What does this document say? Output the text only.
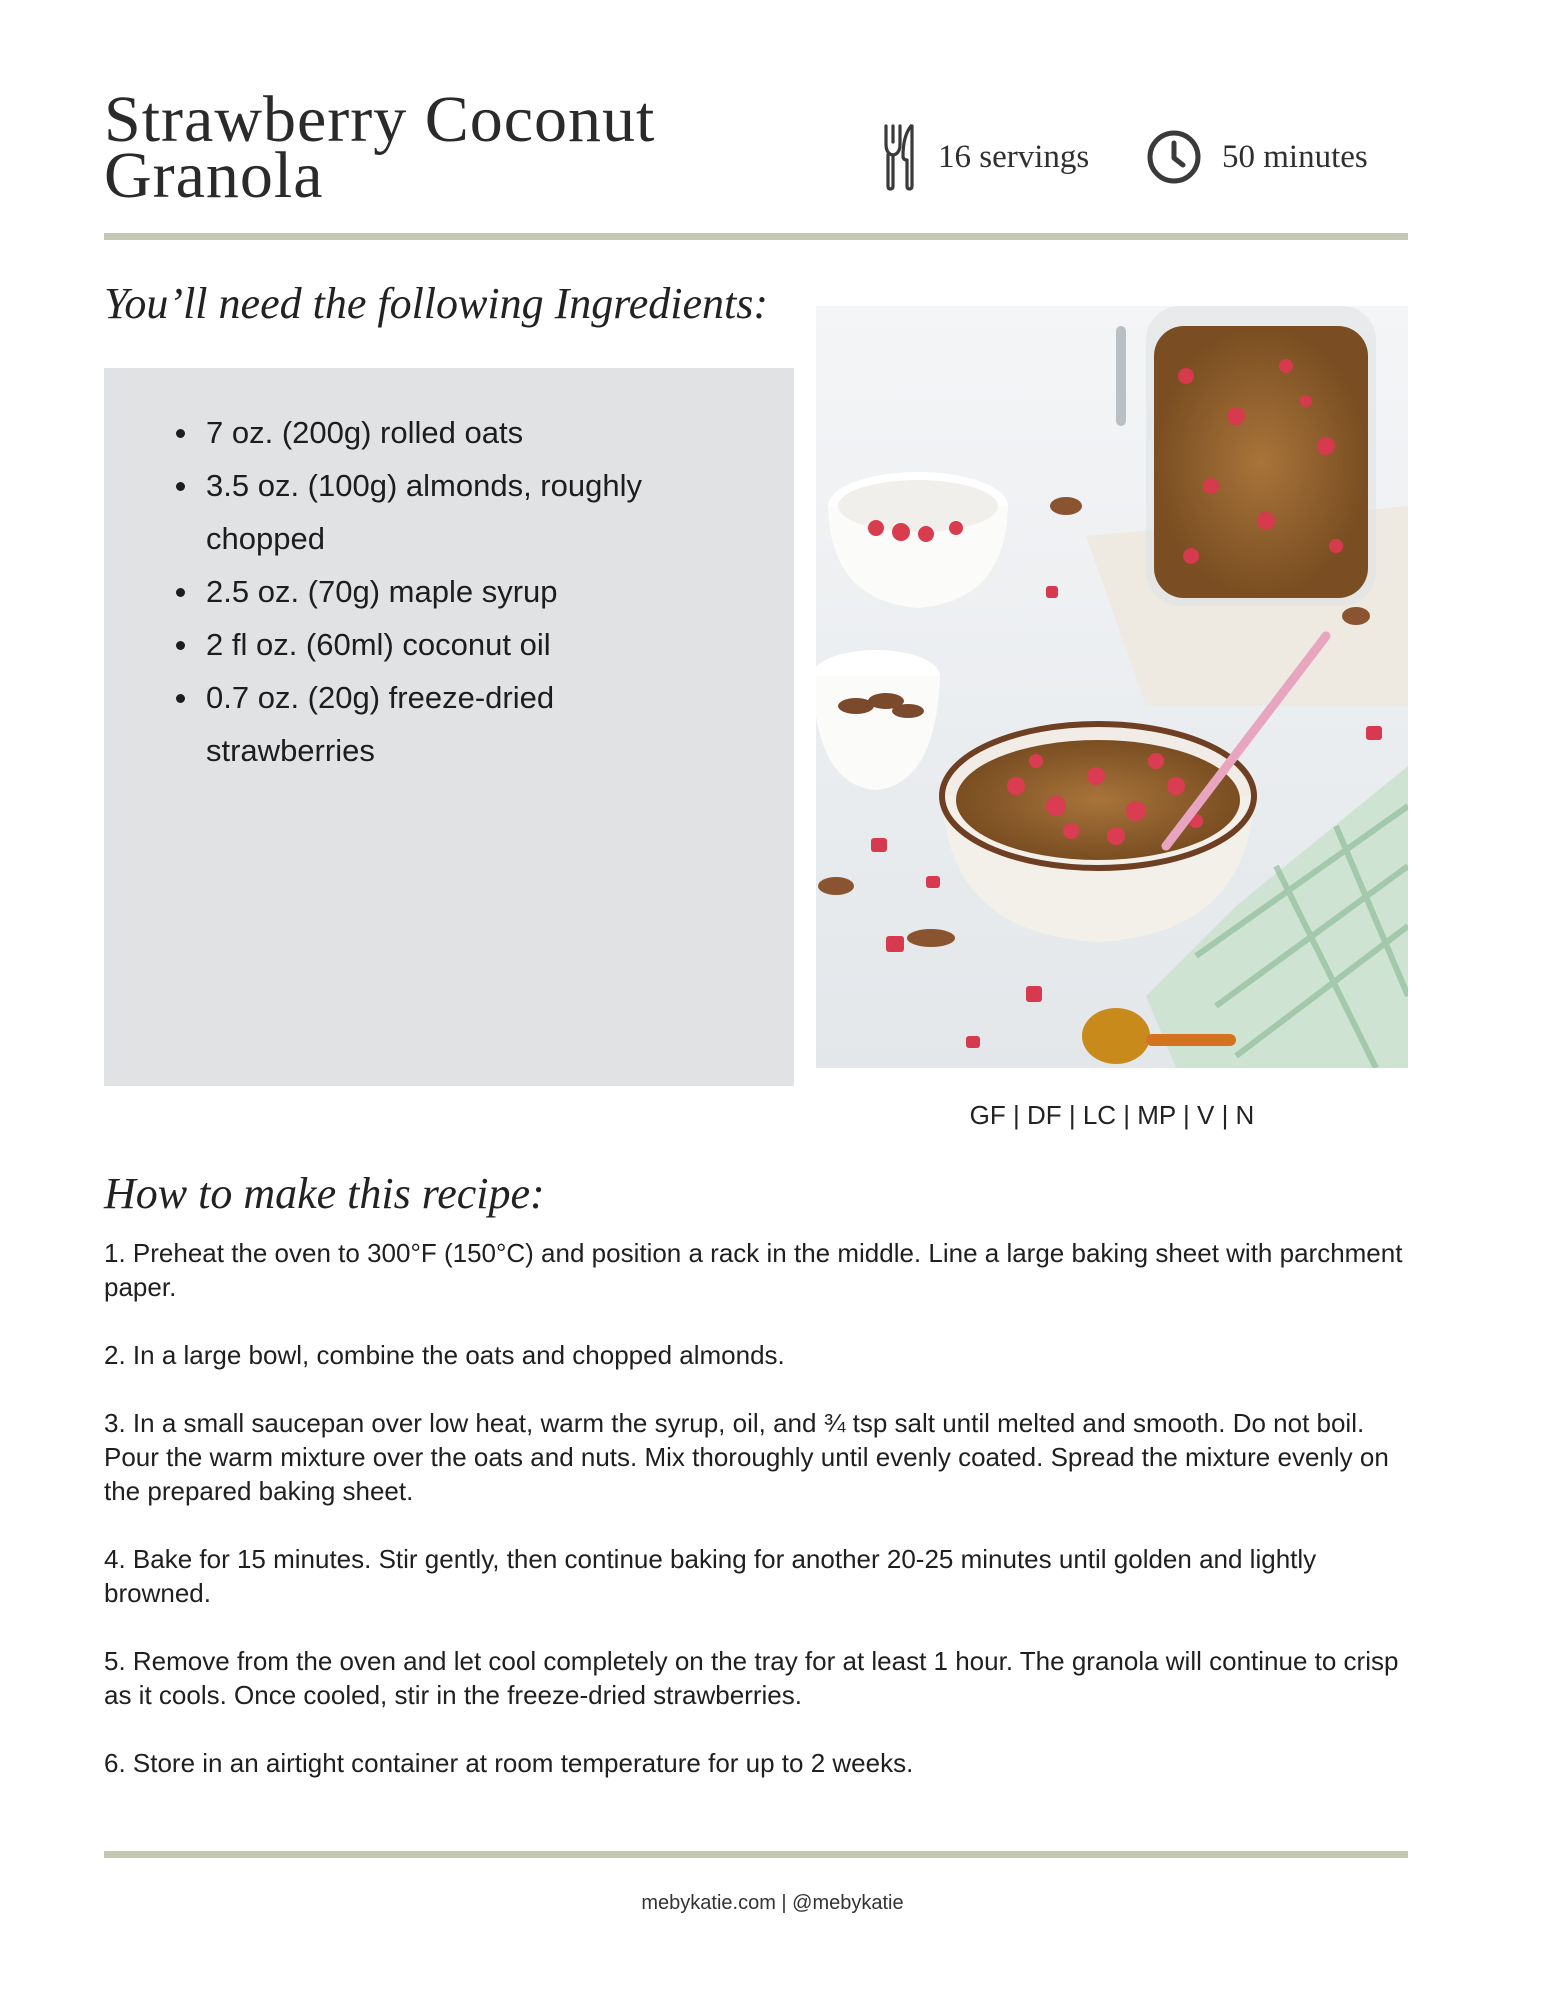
Strawberry Coconut Granola	16 servings	50 minutes
You’ll need the following Ingredients:
7 oz. (200g) rolled oats
3.5 oz. (100g) almonds, roughly chopped
2.5 oz. (70g) maple syrup
2 fl oz. (60ml) coconut oil
0.7 oz. (20g) freeze-dried strawberries
GF | DF | LC | MP | V | N
How to make this recipe:

1. Preheat the oven to 300°F (150°C) and position a rack in the middle. Line a large baking sheet with parchment paper.

2. In a large bowl, combine the oats and chopped almonds.

3. In a small saucepan over low heat, warm the syrup, oil, and ¾ tsp salt until melted and smooth. Do not boil. Pour the warm mixture over the oats and nuts. Mix thoroughly until evenly coated. Spread the mixture evenly on the prepared baking sheet.

4. Bake for 15 minutes. Stir gently, then continue baking for another 20-25 minutes until golden and lightly browned.

5. Remove from the oven and let cool completely on the tray for at least 1 hour. The granola will continue to crisp as it cools. Once cooled, stir in the freeze-dried strawberries.

6. Store in an airtight container at room temperature for up to 2 weeks.

mebykatie.com | @mebykatie
